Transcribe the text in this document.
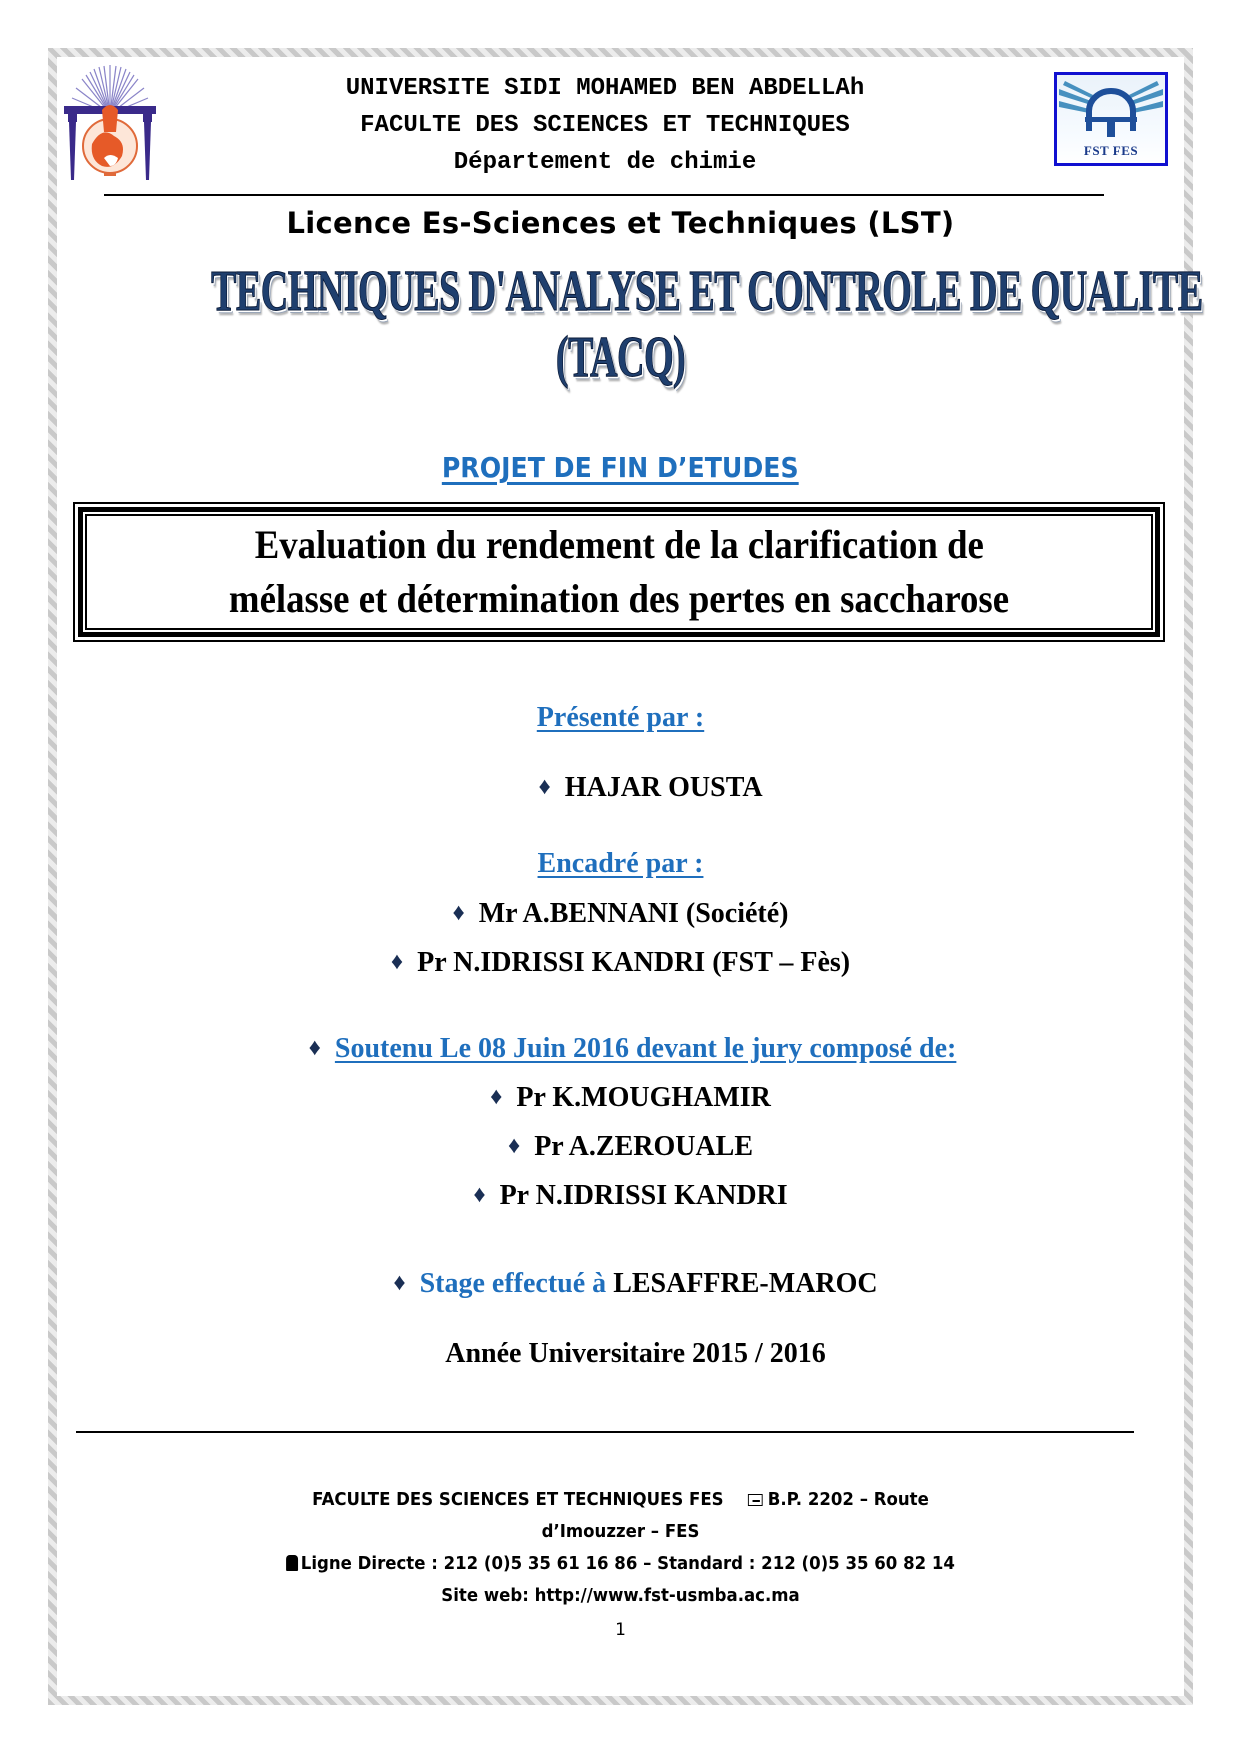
FST FES
UNIVERSITE SIDI MOHAMED BEN ABDELLAh
FACULTE DES SCIENCES ET TECHNIQUES
Département de chimie
Licence Es-Sciences et Techniques (LST)
TECHNIQUES D'ANALYSE ET CONTROLE DE QUALITE
(TACQ)
PROJET DE FIN D’ETUDES
Evaluation du rendement de la clarification de
mélasse et détermination des pertes en saccharose
Présenté par :
♦ HAJAR OUSTA
Encadré par :
♦ Mr A.BENNANI (Société)
♦ Pr N.IDRISSI KANDRI (FST – Fès)
♦ Soutenu Le 08 Juin 2016 devant le jury composé de:
♦ Pr K.MOUGHAMIR
♦ Pr A.ZEROUALE
♦ Pr N.IDRISSI KANDRI
♦ Stage effectué à LESAFFRE-MAROC
Année Universitaire 2015 / 2016
FACULTE DES SCIENCES ET TECHNIQUES FES B.P. 2202 – Route
d’Imouzzer – FES
Ligne Directe : 212 (0)5 35 61 16 86 – Standard : 212 (0)5 35 60 82 14
Site web: http://www.fst-usmba.ac.ma
1
